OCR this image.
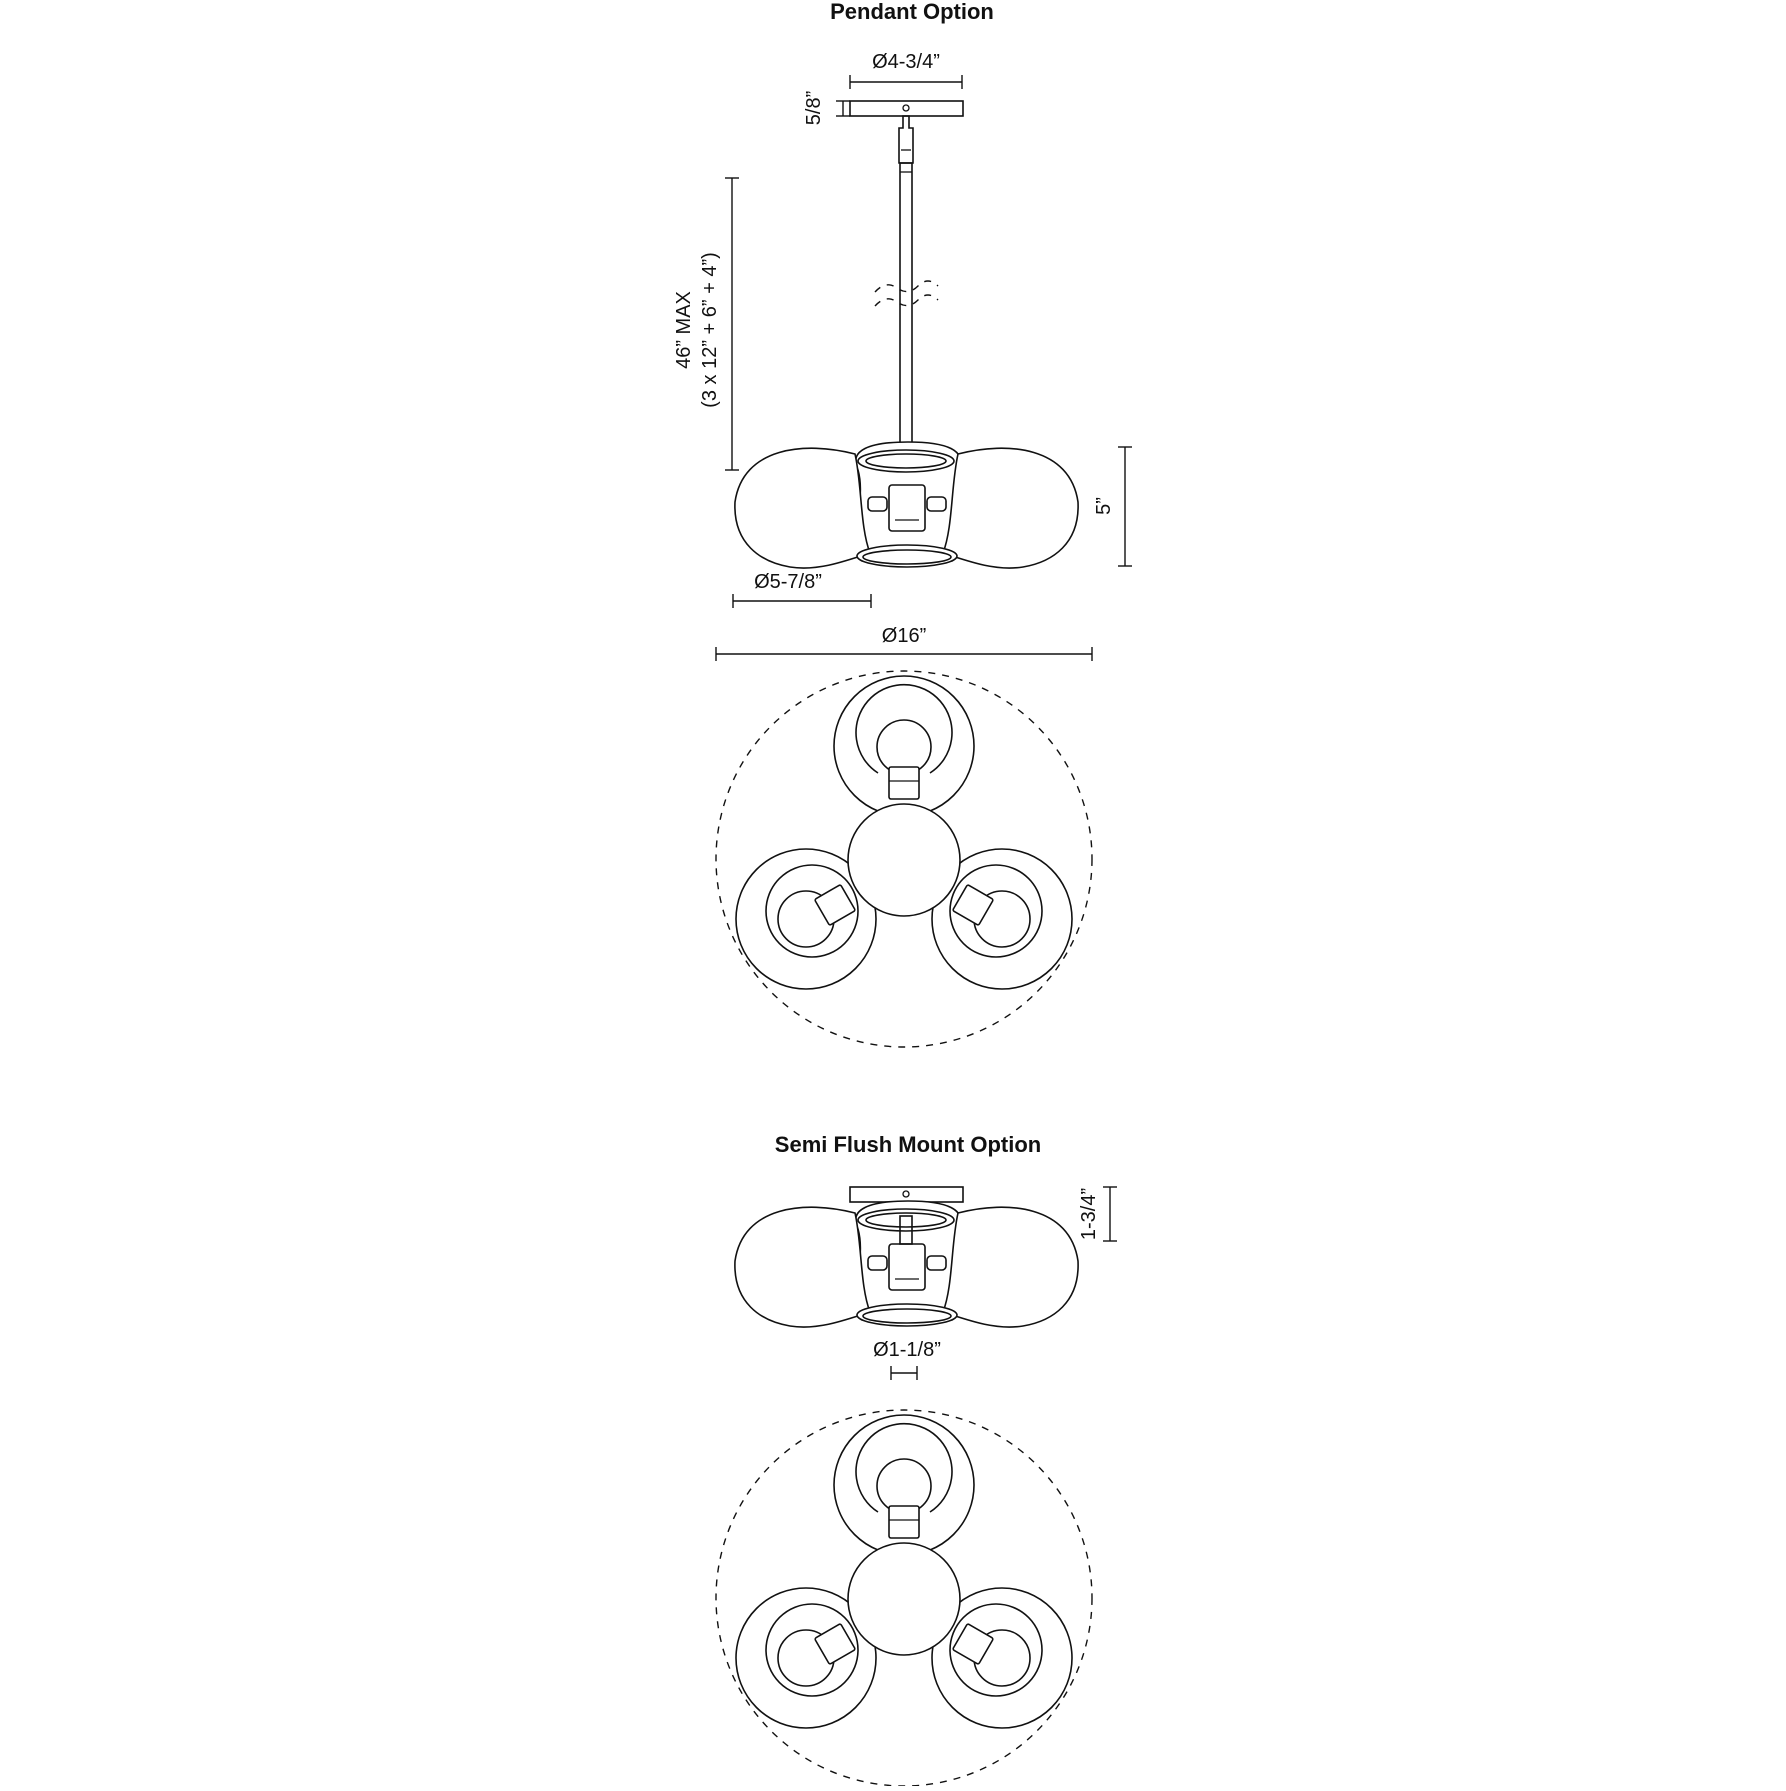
Pendant Option
Ø4-3/4”
5/8”
46” MAX (3 x 12” + 6” + 4”)
5”
Ø5-7/8”
Ø16”
Semi Flush Mount Option
1-3/4”
Ø1-1/8”
